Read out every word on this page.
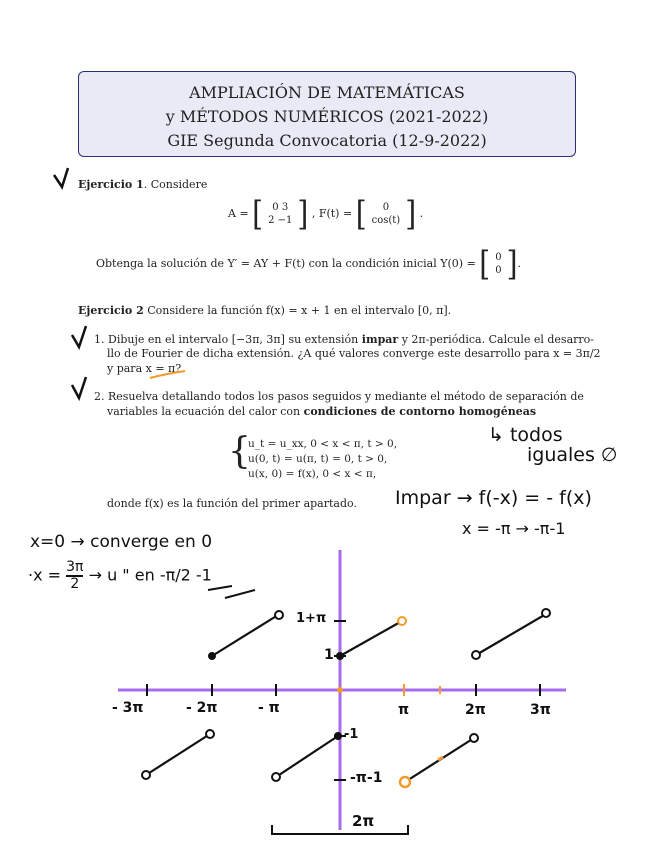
AMPLIACIÓN DE MATEMÁTICAS
y MÉTODOS NUMÉRICOS (2021-2022)
GIE Segunda Convocatoria (12-9-2022)
Ejercicio 1. Considere
A = [ 0 3
2 −1 ] , F(t) = [ 0
cos(t) ] .
Obtenga la solución de Y′ = AY + F(t) con la condición inicial Y(0) = [ 0
0 ].
Ejercicio 2 Considere la función f(x) = x + 1 en el intervalo [0, π].
1. Dibuje en el intervalo [−3π, 3π] su extensión impar y 2π-periódica. Calcule el desarro-
llo de Fourier de dicha extensión. ¿A qué valores converge este desarrollo para x = 3π/2
y para x = π?
2. Resuelva detallando todos los pasos seguidos y mediante el método de separación de
variables la ecuación del calor con condiciones de contorno homogéneas
{
u_t = u_xx, 0 < x < π, t > 0,
u(0, t) = u(π, t) = 0, t > 0,
u(x, 0) = f(x), 0 < x < π,
donde f(x) es la función del primer apartado.
↳ todos
iguales ∅
Impar → f(-x) = - f(x)
x = -π → -π-1
x=0 → converge en 0
$\cdot x = \frac{3\pi}{2} \to u$ " en -π/2 -1
- 3π	- 2π	- π	π	2π	3π
1+π
1
-1
-π-1
2π
